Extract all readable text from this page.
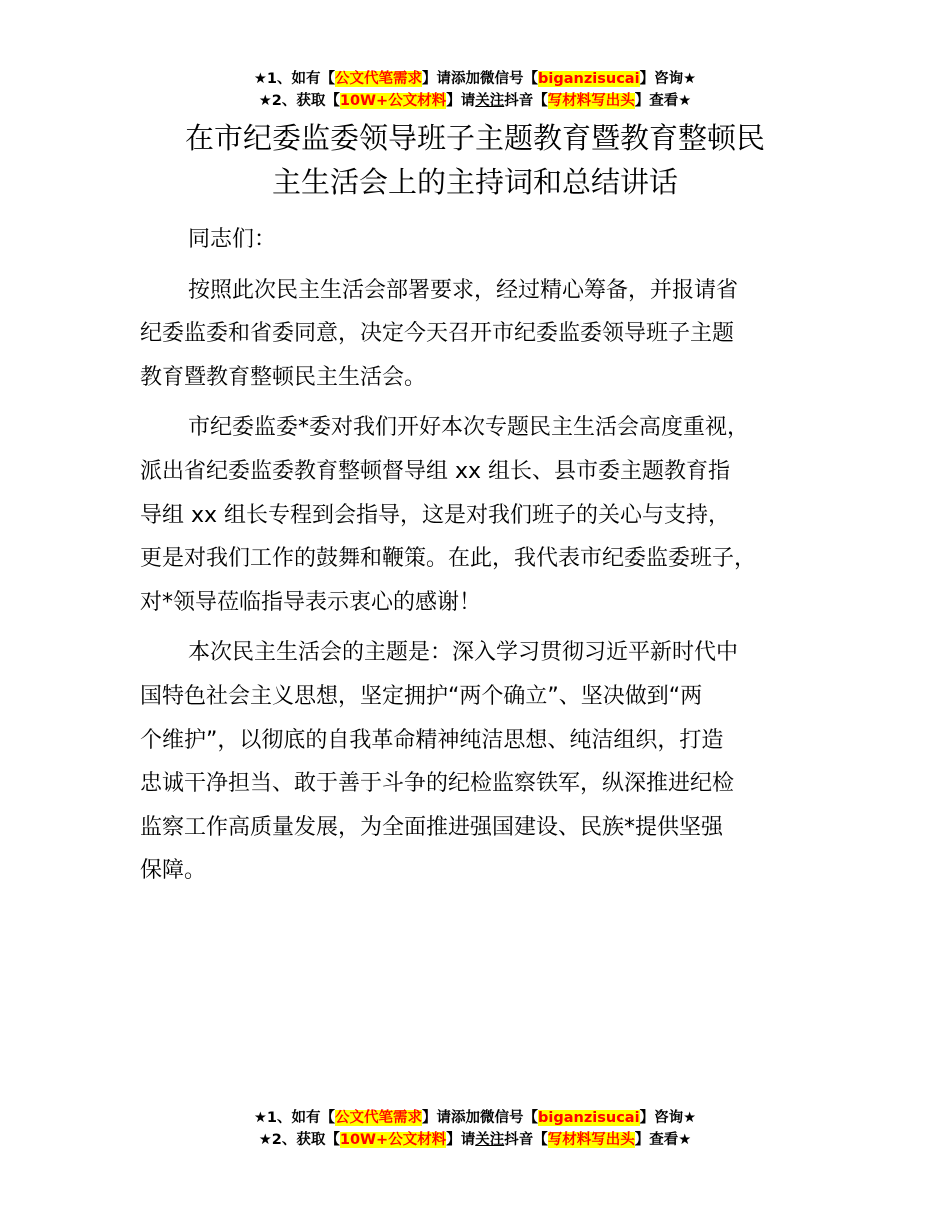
★1、如有【公文代笔需求】请添加微信号【biganzisucai】咨询★
★2、获取【10W+公文材料】请关注抖音【写材料写出头】查看★
在市纪委监委领导班子主题教育暨教育整顿民
主生活会上的主持词和总结讲话
同志们：
按照此次民主生活会部署要求，经过精心筹备，并报请省
纪委监委和省委同意，决定今天召开市纪委监委领导班子主题
教育暨教育整顿民主生活会。
市纪委监委*委对我们开好本次专题民主生活会高度重视，
派出省纪委监委教育整顿督导组 xx 组长、县市委主题教育指
导组 xx 组长专程到会指导，这是对我们班子的关心与支持，
更是对我们工作的鼓舞和鞭策。在此，我代表市纪委监委班子，
对*领导莅临指导表示衷心的感谢！
本次民主生活会的主题是：深入学习贯彻习近平新时代中
国特色社会主义思想，坚定拥护“两个确立”、坚决做到“两
个维护”，以彻底的自我革命精神纯洁思想、纯洁组织，打造
忠诚干净担当、敢于善于斗争的纪检监察铁军，纵深推进纪检
监察工作高质量发展，为全面推进强国建设、民族*提供坚强
保障。
★1、如有【公文代笔需求】请添加微信号【biganzisucai】咨询★
★2、获取【10W+公文材料】请关注抖音【写材料写出头】查看★
